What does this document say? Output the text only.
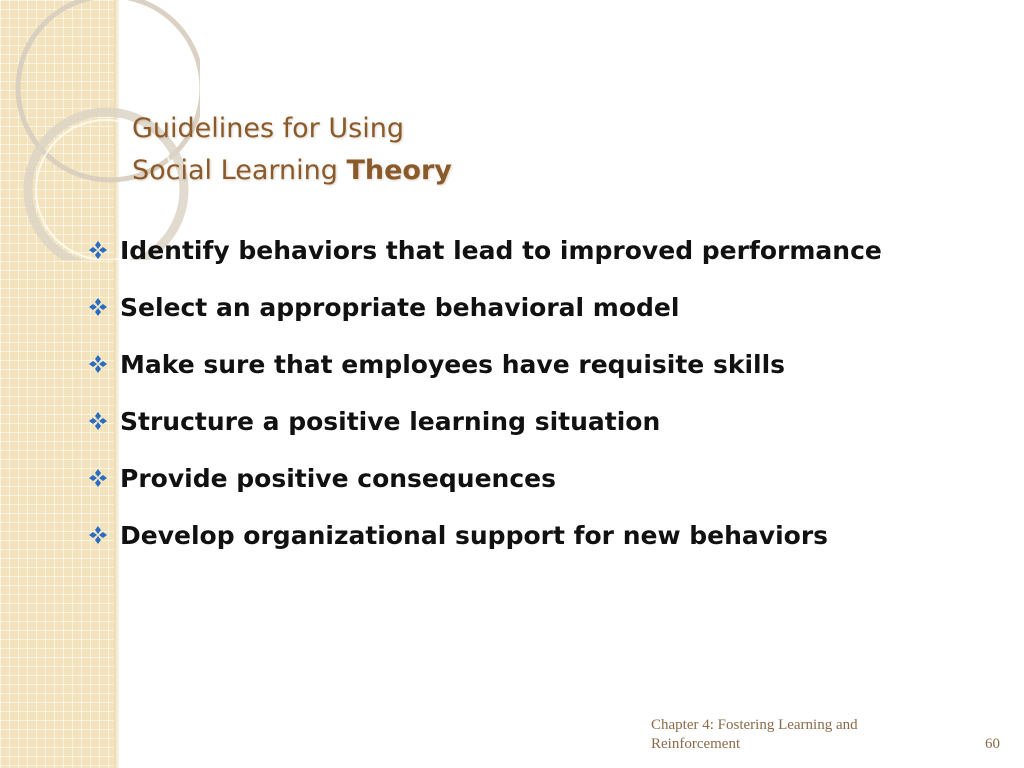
Guidelines for Using
Social Learning Theory
Identify behaviors that lead to improved performance
Select an appropriate behavioral model
Make sure that employees have requisite skills
Structure a positive learning situation
Provide positive consequences
Develop organizational support for new behaviors
Chapter 4: Fostering Learning and
Reinforcement	60
